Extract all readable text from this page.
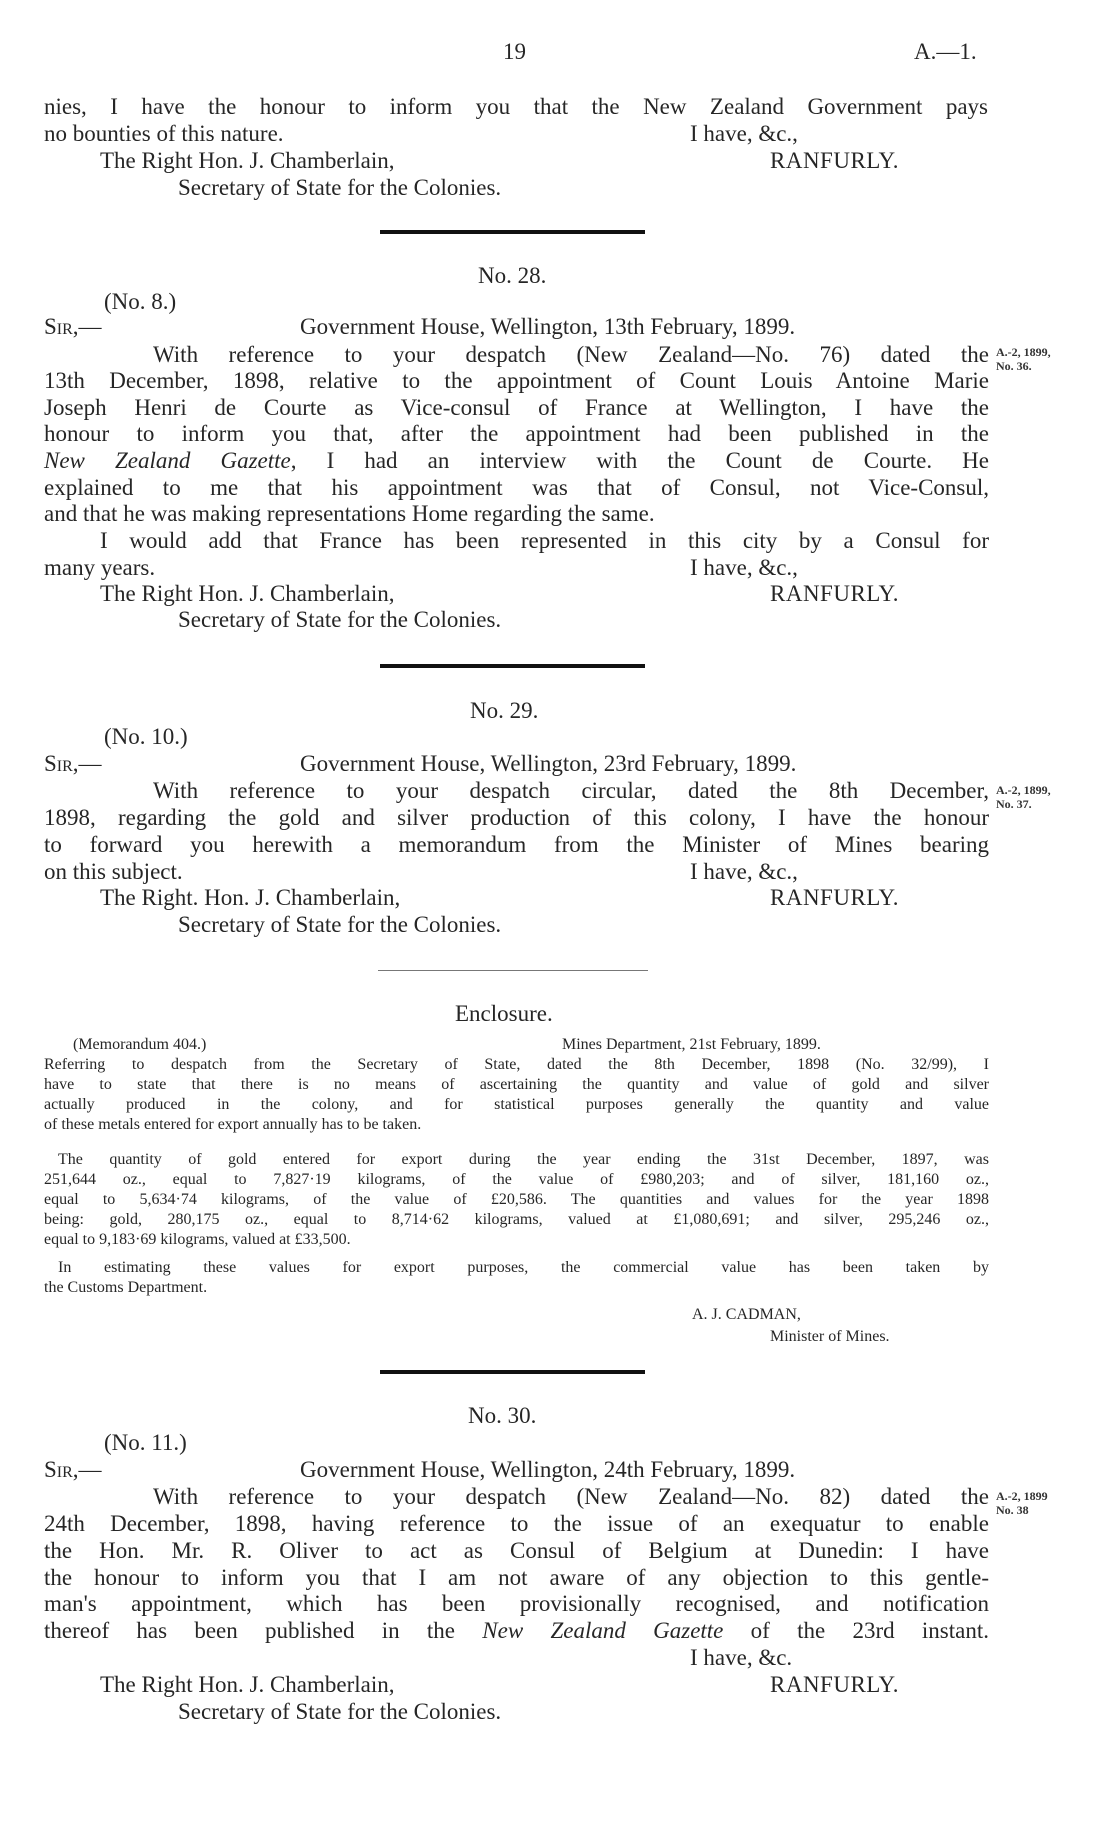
19	A.—1.
nies, I have the honour to inform you that the New Zealand Government pays
no bounties of this nature.	I have, &c.,
The Right Hon. J. Chamberlain,	RANFURLY.
Secretary of State for the Colonies.
No. 28.
(No. 8.)
Sir,—	Government House, Wellington, 13th February, 1899.
A.-2, 1899,
No. 36.
With reference to your despatch (New Zealand—No. 76) dated the
13th December, 1898, relative to the appointment of Count Louis Antoine Marie
Joseph Henri de Courte as Vice-consul of France at Wellington, I have the
honour to inform you that, after the appointment had been published in the
New Zealand Gazette, I had an interview with the Count de Courte. He
explained to me that his appointment was that of Consul, not Vice-Consul,
and that he was making representations Home regarding the same.
I would add that France has been represented in this city by a Consul for
many years.	I have, &c.,
The Right Hon. J. Chamberlain,	RANFURLY.
Secretary of State for the Colonies.
No. 29.
(No. 10.)
Sir,—	Government House, Wellington, 23rd February, 1899.
A.-2, 1899,
No. 37.
With reference to your despatch circular, dated the 8th December,
1898, regarding the gold and silver production of this colony, I have the honour
to forward you herewith a memorandum from the Minister of Mines bearing
on this subject.	I have, &c.,
The Right. Hon. J. Chamberlain,	RANFURLY.
Secretary of State for the Colonies.
Enclosure.
(Memorandum 404.)	Mines Department, 21st February, 1899.
Referring to despatch from the Secretary of State, dated the 8th December, 1898 (No. 32/99), I
have to state that there is no means of ascertaining the quantity and value of gold and silver
actually produced in the colony, and for statistical purposes generally the quantity and value
of these metals entered for export annually has to be taken.
The quantity of gold entered for export during the year ending the 31st December, 1897, was
251,644 oz., equal to 7,827·19 kilograms, of the value of £980,203; and of silver, 181,160 oz.,
equal to 5,634·74 kilograms, of the value of £20,586. The quantities and values for the year 1898
being: gold, 280,175 oz., equal to 8,714·62 kilograms, valued at £1,080,691; and silver, 295,246 oz.,
equal to 9,183·69 kilograms, valued at £33,500.
In estimating these values for export purposes, the commercial value has been taken by
the Customs Department.
A. J. CADMAN,
Minister of Mines.
No. 30.
(No. 11.)
Sir,—	Government House, Wellington, 24th February, 1899.
A.-2, 1899
No. 38
With reference to your despatch (New Zealand—No. 82) dated the
24th December, 1898, having reference to the issue of an exequatur to enable
the Hon. Mr. R. Oliver to act as Consul of Belgium at Dunedin: I have
the honour to inform you that I am not aware of any objection to this gentle-
man's appointment, which has been provisionally recognised, and notification
thereof has been published in the New Zealand Gazette of the 23rd instant.
I have, &c.
The Right Hon. J. Chamberlain,	RANFURLY.
Secretary of State for the Colonies.
